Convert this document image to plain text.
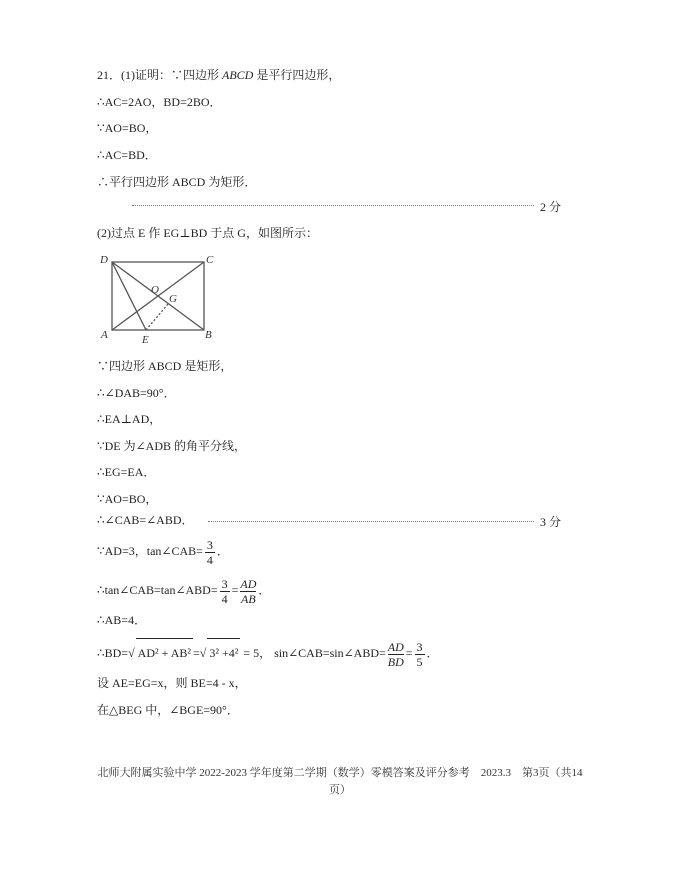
21．(1)证明：∵四边形 ABCD 是平行四边形，
∴AC=2AO，BD=2BO．
∵AO=BO，
∴AC=BD．
∴平行四边形 ABCD 为矩形．
2 分
(2)过点 E 作 EG⊥BD 于点 G，如图所示：
D	C
O
G
A	E	B
∵四边形 ABCD 是矩形，
∴∠DAB=90°．
∴EA⊥AD，
∵DE 为∠ADB 的角平分线，
∴EG=EA．
∵AO=BO，
∴∠CAB=∠ABD．	3 分
∵AD=3，tan∠CAB= $\frac{3}{4}$ ．
∴tan∠CAB=tan∠ABD= $\frac{3}{4} = \frac{AD}{AB}$ ．
∴AB=4．
∴BD=√ AD² + AB² =√ 3² +4² = 5， sin∠CAB=sin∠ABD= $\frac{AD}{BD} = \frac{3}{5}$ ．
设 AE=EG=x，则 BE=4 - x，
在△BEG 中，∠BGE=90°．
北师大附属实验中学 2022-2023 学年度第二学期（数学）零模答案及评分参考　2023.3　第3页（共14
页）
